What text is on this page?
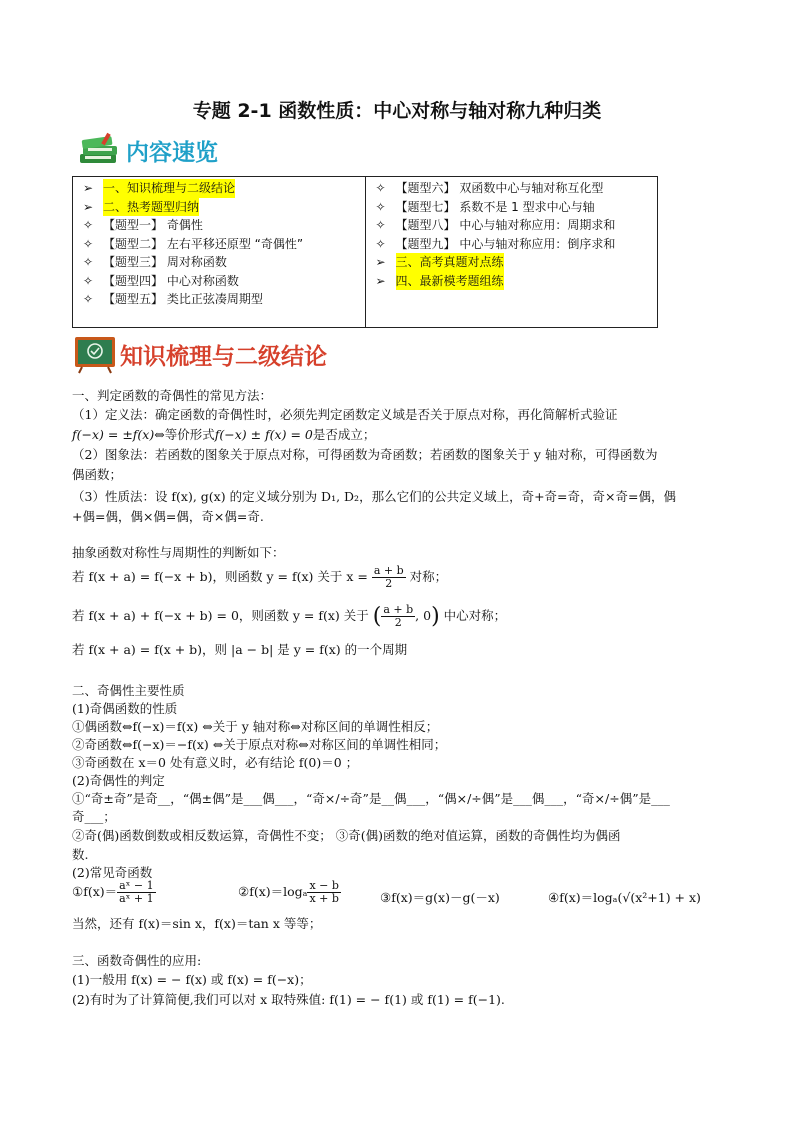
专题 2-1 函数性质：中心对称与轴对称九种归类
内容速览
➢ 一、知识梳理与二级结论
➢ 二、热考题型归纳
✧ 【题型一】 奇偶性
✧ 【题型二】 左右平移还原型 “奇偶性”
✧ 【题型三】 周对称函数
✧ 【题型四】 中心对称函数
✧ 【题型五】 类比正弦凑周期型
✧ 【题型六】 双函数中心与轴对称互化型
✧ 【题型七】 系数不是 1 型求中心与轴
✧ 【题型八】 中心与轴对称应用：周期求和
✧ 【题型九】 中心与轴对称应用：倒序求和
➢ 三、高考真题对点练
➢ 四、最新模考题组练
知识梳理与二级结论
一、判定函数的奇偶性的常见方法：
（1）定义法：确定函数的奇偶性时，必须先判定函数定义域是否关于原点对称，再化简解析式验证
f(−x) = ±f(x)⇔等价形式f(−x) ± f(x) = 0是否成立；
（2）图象法：若函数的图象关于原点对称，可得函数为奇函数；若函数的图象关于 y 轴对称，可得函数为
偶函数；
（3）性质法：设 f(x), g(x) 的定义域分别为 D₁, D₂，那么它们的公共定义域上，奇+奇=奇，奇×奇=偶，偶
+偶=偶，偶×偶=偶，奇×偶=奇.
抽象函数对称性与周期性的判断如下：
若 f(x + a) = f(−x + b)，则函数 y = f(x) 关于 $x = \frac{a + b}{2}$ 对称；
若 f(x + a) + f(−x + b) = 0，则函数 y = f(x) 关于 ( $\frac{a + b}{2}$ , 0) 中心对称；
若 f(x + a) = f(x + b)，则 |a − b| 是 y = f(x) 的一个周期
二、奇偶性主要性质
(1)奇偶函数的性质
①偶函数⇔f(−x)＝f(x) ⇔关于 y 轴对称⇔对称区间的单调性相反；
②奇函数⇔f(−x)＝−f(x) ⇔关于原点对称⇔对称区间的单调性相同；
③奇函数在 x＝0 处有意义时，必有结论 f(0)＝0 ；
(2)奇偶性的判定
①“奇±奇”是奇__，“偶±偶”是___偶___，“奇×/÷奇”是__偶___，“偶×/÷偶”是___偶___，“奇×/÷偶”是___
奇___；
②奇(偶)函数倒数或相反数运算，奇偶性不变； ③奇(偶)函数的绝对值运算，函数的奇偶性均为偶函
数.
(2)常见奇函数
①f(x)＝ $\frac{\text{aˣ − 1}}{\text{aˣ + 1}}$	②f(x)＝logₐ $\frac{x - b}{x + b}$	③f(x)＝g(x)－g(－x)	④f(x)＝logₐ(√(x²+1) + x)
当然，还有 f(x)＝sin x，f(x)＝tan x 等等；
三、函数奇偶性的应用:
(1)一般用 f(x) = − f(x) 或 f(x) = f(−x)；
(2)有时为了计算简便,我们可以对 x 取特殊值: f(1) = − f(1) 或 f(1) = f(−1).
